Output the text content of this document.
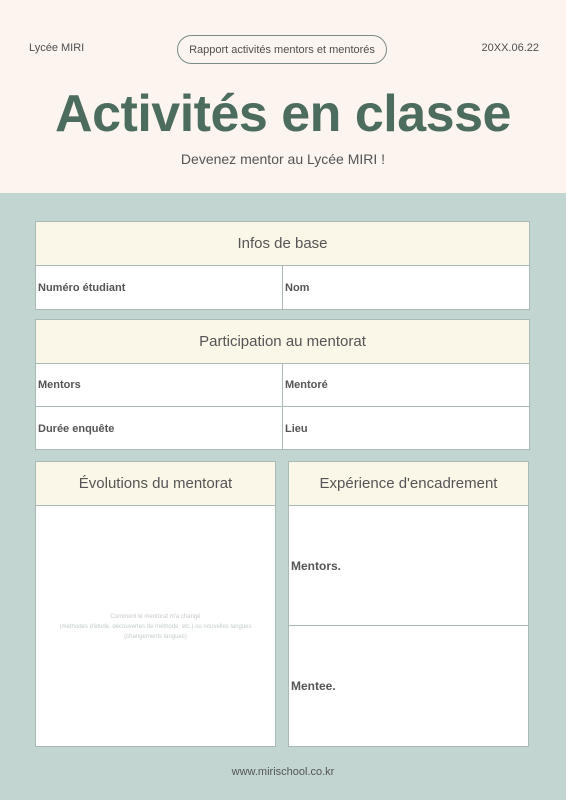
Lycée MIRI	Rapport activités mentors et mentorés	20XX.06.22
Activités en classe
Devenez mentor au Lycée MIRI !
Infos de base
Numéro étudiant	Nom
Participation au mentorat
Mentors	Mentoré
Durée enquête	Lieu
Évolutions du mentorat
Comment le mentorat m'a changé
(méthodes d'étude, découvertes de méthode, etc.) ou nouvelles langues
(changements langues)
Expérience d'encadrement
Mentors.
Mentee.
www.mirischool.co.kr
